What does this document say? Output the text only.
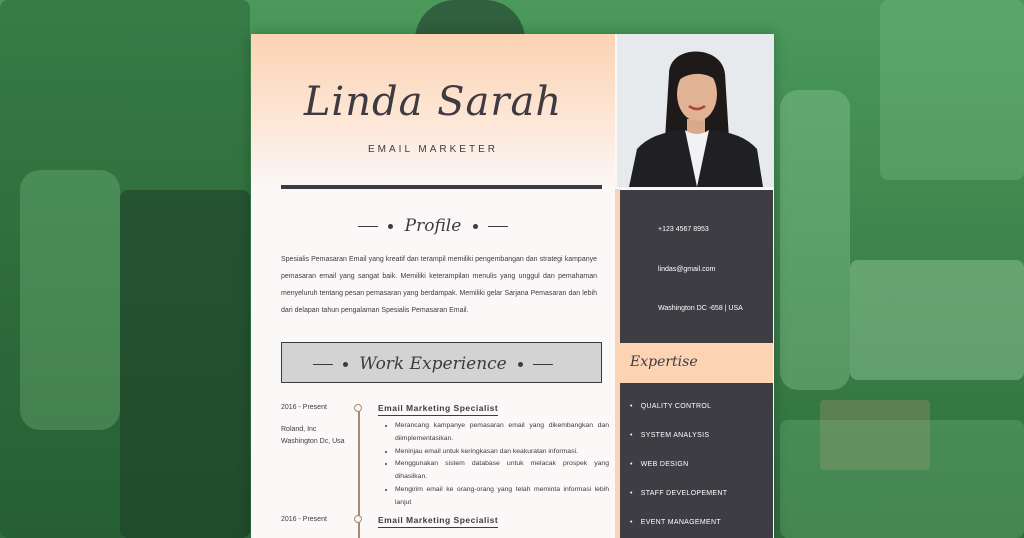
Linda Sarah
EMAIL MARKETER
Profile
Spesialis Pemasaran Email yang kreatif dan terampil memiliki pengembangan dan strategi kampanye pemasaran email yang sangat baik. Memiliki keterampilan menulis yang unggul dan pemahaman menyeluruh tentang pesan pemasaran yang berdampak. Memiliki gelar Sarjana Pemasaran dan lebih dari delapan tahun pengalaman Spesialis Pemasaran Email.
Work Experience
2016 - Present
Roland, Inc
Washington Dc, Usa
Email Marketing Specialist
• Merancang kampanye pemasaran email yang dikembangkan dan diimplementasikan.
• Meninjau email untuk keringkasan dan keakuratan informasi.
• Menggunakan sistem database untuk melacak prospek yang dihasilkan.
• Mengirim email ke orang-orang yang telah meminta informasi lebih lanjut
2016 - Present	Email Marketing Specialist
+123 4567 8953
lindas@gmail.com
Washington DC -658 | USA
Expertise
• QUALITY CONTROL
• SYSTEM ANALYSIS
• WEB DESIGN
• STAFF DEVELOPEMENT
• EVENT MANAGEMENT
